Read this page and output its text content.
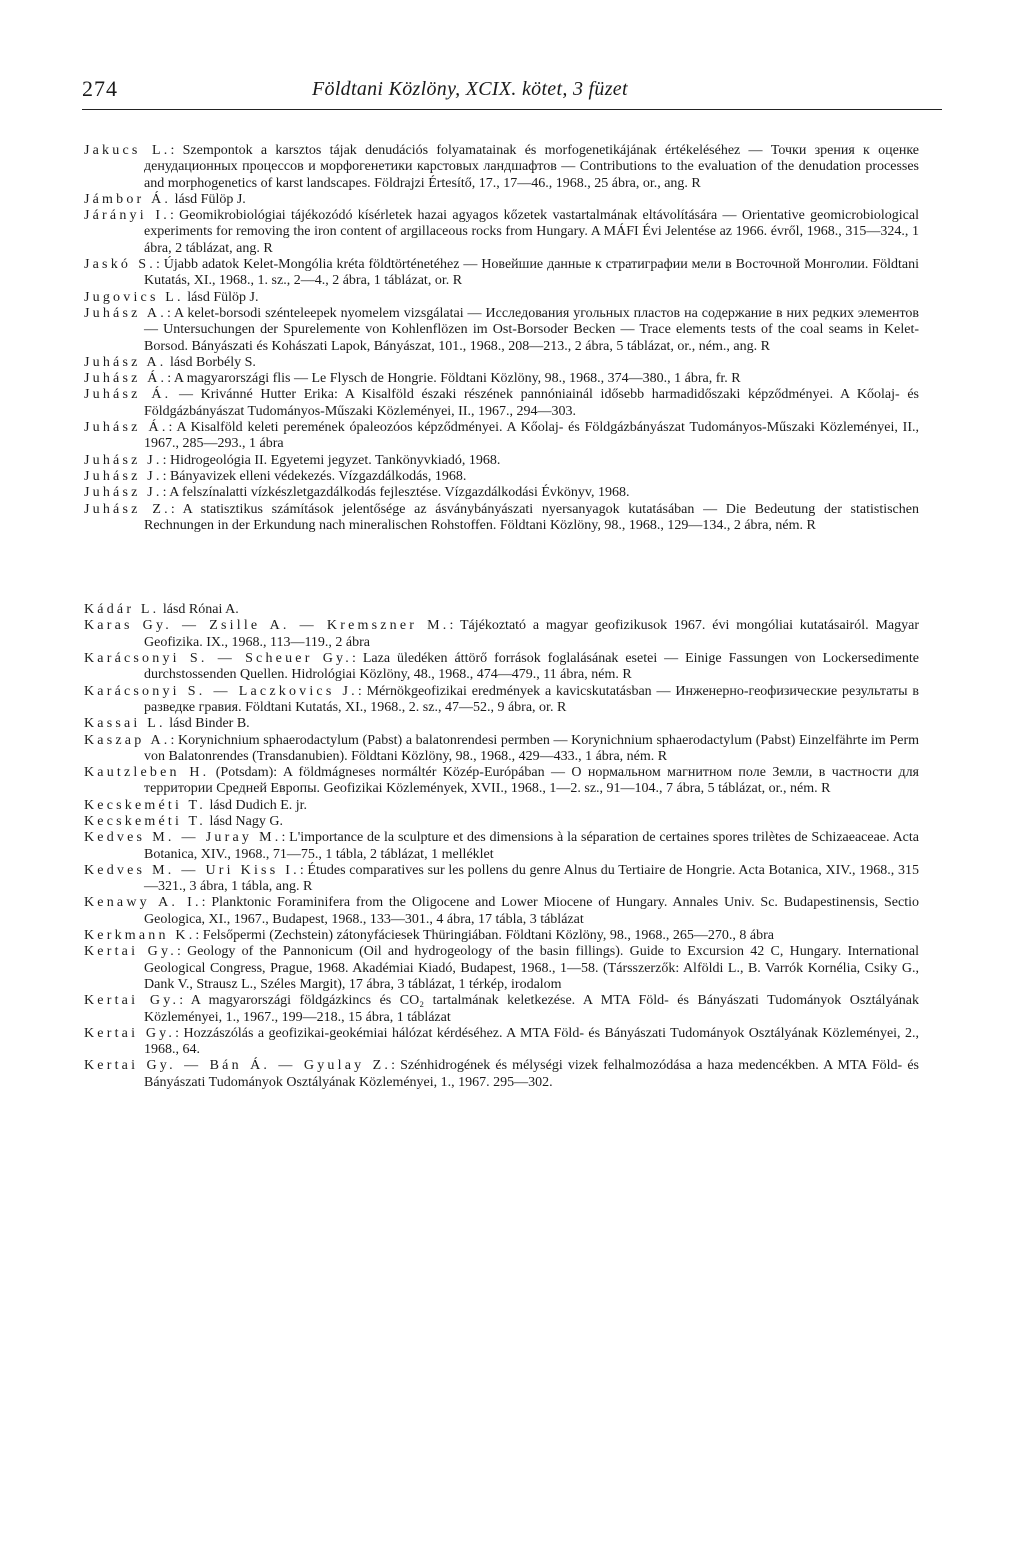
274	Földtani Közlöny, XCIX. kötet, 3 füzet

Jakucs L.: Szempontok a karsztos tájak denudációs folyamatainak és morfogenetikájának értékeléséhez — Точки зрения к оценке денудационных процессов и морфогенетики карстовых ландшафтов — Contributions to the evaluation of the denudation processes and morphogenetics of karst landscapes. Földrajzi Értesítő, 17., 17—46., 1968., 25 ábra, or., ang. R

Jámbor Á. lásd Fülöp J.

Járányi I.: Geomikrobiológiai tájékozódó kísérletek hazai agyagos kőzetek vastartalmának eltávolítására — Orientative geomicrobiological experiments for removing the iron content of argillaceous rocks from Hungary. A MÁFI Évi Jelentése az 1966. évről, 1968., 315—324., 1 ábra, 2 táblázat, ang. R

Jaskó S.: Újabb adatok Kelet-Mongólia kréta földtörténetéhez — Новейшие данные к стратиграфии мели в Восточной Монголии. Földtani Kutatás, XI., 1968., 1. sz., 2—4., 2 ábra, 1 táblázat, or. R

Jugovics L. lásd Fülöp J.

Juhász A.: A kelet-borsodi szénteleepek nyomelem vizsgálatai — Исследования угольных пластов на содержание в них редких элементов — Untersuchungen der Spurelemente von Kohlenflözen im Ost-Borsoder Becken — Trace elements tests of the coal seams in Kelet-Borsod. Bányászati és Kohászati Lapok, Bányászat, 101., 1968., 208—213., 2 ábra, 5 táblázat, or., ném., ang. R

Juhász A. lásd Borbély S.

Juhász Á.: A magyarországi flis — Le Flysch de Hongrie. Földtani Közlöny, 98., 1968., 374—380., 1 ábra, fr. R

Juhász Á. — Krivánné Hutter Erika: A Kisalföld északi részének pannóniainál idősebb harmadidőszaki képződményei. A Kőolaj- és Földgázbányászat Tudományos-Műszaki Közleményei, II., 1967., 294—303.

Juhász Á.: A Kisalföld keleti peremének ópaleozóos képződményei. A Kőolaj- és Földgázbányászat Tudományos-Műszaki Közleményei, II., 1967., 285—293., 1 ábra

Juhász J.: Hidrogeológia II. Egyetemi jegyzet. Tankönyvkiadó, 1968.

Juhász J.: Bányavizek elleni védekezés. Vízgazdálkodás, 1968.

Juhász J.: A felszínalatti vízkészletgazdálkodás fejlesztése. Vízgazdálkodási Évkönyv, 1968.

Juhász Z.: A statisztikus számítások jelentősége az ásványbányászati nyersanyagok kutatásában — Die Bedeutung der statistischen Rechnungen in der Erkundung nach mineralischen Rohstoffen. Földtani Közlöny, 98., 1968., 129—134., 2 ábra, ném. R

Kádár L. lásd Rónai A.

Karas Gy. — Zsille A. — Kremszner M.: Tájékoztató a magyar geofizikusok 1967. évi mongóliai kutatásairól. Magyar Geofizika. IX., 1968., 113—119., 2 ábra

Karácsonyi S. — Scheuer Gy.: Laza üledéken áttörő források foglalásának esetei — Einige Fassungen von Lockersedimente durchstossenden Quellen. Hidrológiai Közlöny, 48., 1968., 474—479., 11 ábra, ném. R

Karácsonyi S. — Laczkovics J.: Mérnökgeofizikai eredmények a kavicskutatásban — Инженерно-геофизические результаты в разведке гравия. Földtani Kutatás, XI., 1968., 2. sz., 47—52., 9 ábra, or. R

Kassai L. lásd Binder B.

Kaszap A.: Korynichnium sphaerodactylum (Pabst) a balatonrendesi permben — Korynichnium sphaerodactylum (Pabst) Einzelfährte im Perm von Balatonrendes (Transdanubien). Földtani Közlöny, 98., 1968., 429—433., 1 ábra, ném. R

Kautzleben H. (Potsdam): A földmágneses normáltér Közép-Európában — О нормальном магнитном поле Земли, в частности для территории Средней Европы. Geofizikai Közlemények, XVII., 1968., 1—2. sz., 91—104., 7 ábra, 5 táblázat, or., ném. R

Kecskeméti T. lásd Dudich E. jr.

Kecskeméti T. lásd Nagy G.

Kedves M. — Juray M.: L'importance de la sculpture et des dimensions à la séparation de certaines spores trilètes de Schizaeaceae. Acta Botanica, XIV., 1968., 71—75., 1 tábla, 2 táblázat, 1 melléklet

Kedves M. — Uri Kiss I.: Études comparatives sur les pollens du genre Alnus du Tertiaire de Hongrie. Acta Botanica, XIV., 1968., 315—321., 3 ábra, 1 tábla, ang. R

Kenawy A. I.: Planktonic Foraminifera from the Oligocene and Lower Miocene of Hungary. Annales Univ. Sc. Budapestinensis, Sectio Geologica, XI., 1967., Budapest, 1968., 133—301., 4 ábra, 17 tábla, 3 táblázat

Kerkmann K.: Felsőpermi (Zechstein) zátonyfáciesek Thüringiában. Földtani Közlöny, 98., 1968., 265—270., 8 ábra

Kertai Gy.: Geology of the Pannonicum (Oil and hydrogeology of the basin fillings). Guide to Excursion 42 C, Hungary. International Geological Congress, Prague, 1968. Akadémiai Kiadó, Budapest, 1968., 1—58. (Társszerzők: Alföldi L., B. Varrók Kornélia, Csiky G., Dank V., Strausz L., Széles Margit), 17 ábra, 3 táblázat, 1 térkép, irodalom

Kertai Gy.: A magyarországi földgázkincs és CO₂ tartalmának keletkezése. A MTA Föld- és Bányászati Tudományok Osztályának Közleményei, 1., 1967., 199—218., 15 ábra, 1 táblázat

Kertai Gy.: Hozzászólás a geofizikai-geokémiai hálózat kérdéséhez. A MTA Föld- és Bányászati Tudományok Osztályának Közleményei, 2., 1968., 64.

Kertai Gy. — Bán Á. — Gyulay Z.: Szénhidrogének és mélységi vizek felhalmozódása a haza medencékben. A MTA Föld- és Bányászati Tudományok Osztályának Közleményei, 1., 1967. 295—302.
